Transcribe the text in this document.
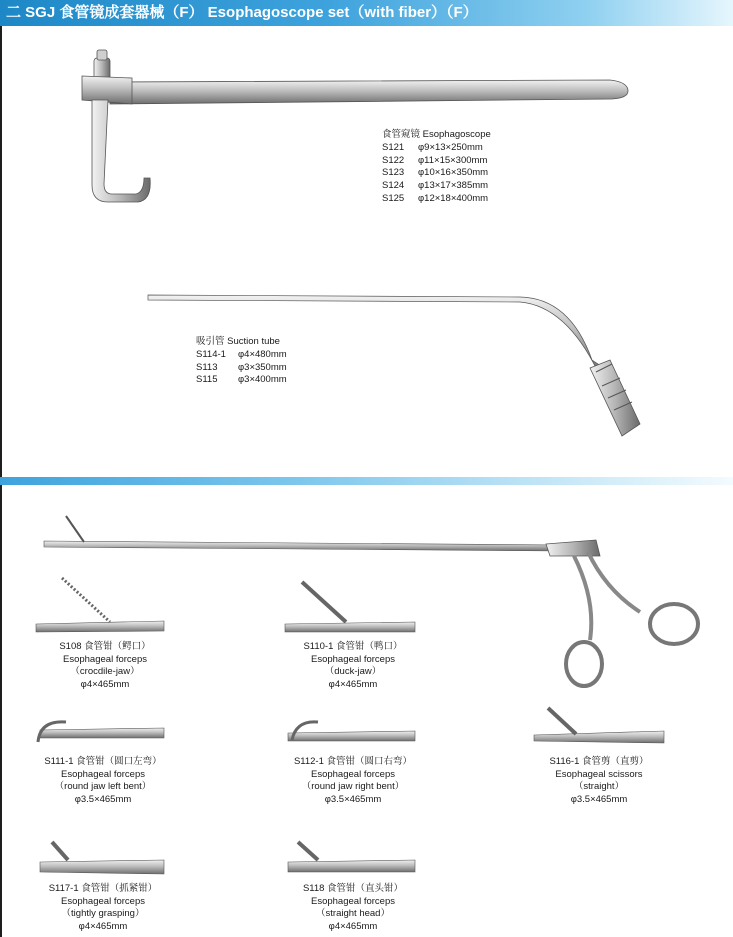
二 SGJ 食管镜成套器械（F） Esophagoscope set（with fiber）（F）
食管窥镜 Esophagoscope
S121 φ9×13×250mm
S122 φ11×15×300mm
S123 φ10×16×350mm
S124 φ13×17×385mm
S125 φ12×18×400mm
吸引管 Suction tube
S114-1 φ4×480mm
S113 φ3×350mm
S115 φ3×400mm
S108 食管钳（鳄口）
Esophageal forceps
（crocdile-jaw）
φ4×465mm
S110-1 食管钳（鸭口）
Esophageal forceps
（duck-jaw）
φ4×465mm
S111-1 食管钳（圆口左弯）
Esophageal forceps
（round jaw left bent）
φ3.5×465mm
S112-1 食管钳（圆口右弯）
Esophageal forceps
（round jaw right bent）
φ3.5×465mm
S116-1 食管剪（直剪）
Esophageal scissors
（straight）
φ3.5×465mm
S117-1 食管钳（抓紧钳）
Esophageal forceps
（tightly grasping）
φ4×465mm
S118 食管钳（直头钳）
Esophageal forceps
（straight head）
φ4×465mm
